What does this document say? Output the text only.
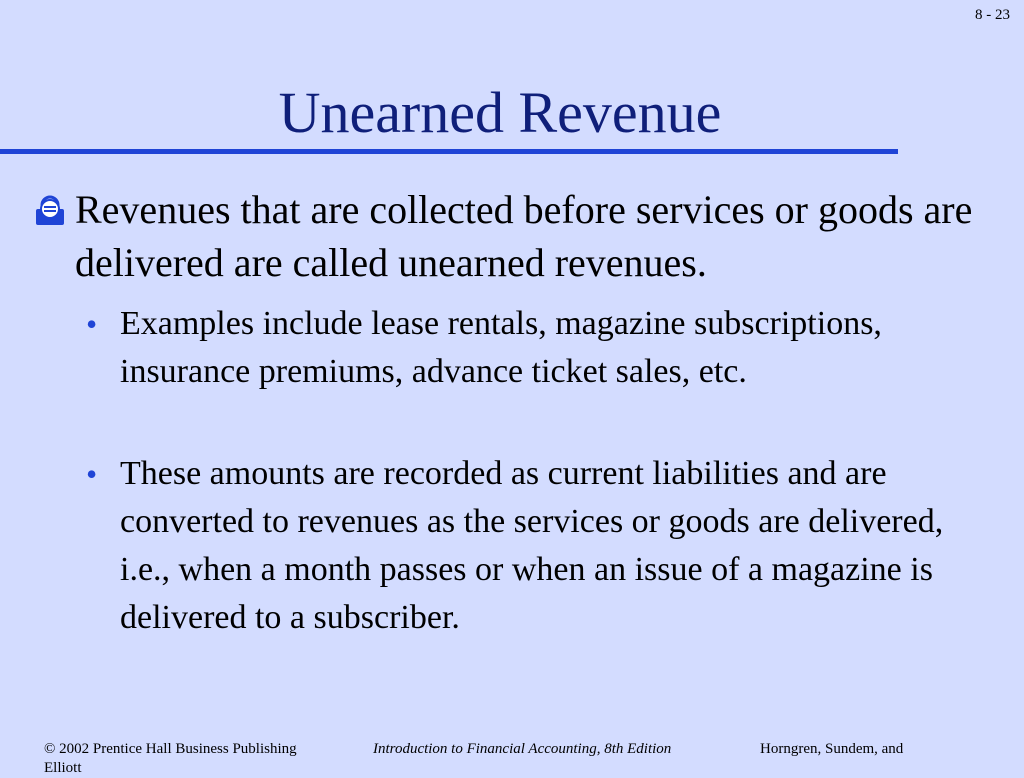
8 - 23
Unearned Revenue
Revenues that are collected before services or goods are delivered are called unearned revenues.
• Examples include lease rentals, magazine subscriptions, insurance premiums, advance ticket sales, etc.
• These amounts are recorded as current liabilities and are converted to revenues as the services or goods are delivered, i.e., when a month passes or when an issue of a magazine is delivered to a subscriber.
© 2002 Prentice Hall Business Publishing	Introduction to Financial Accounting, 8th Edition	Horngren, Sundem, and
Elliott
